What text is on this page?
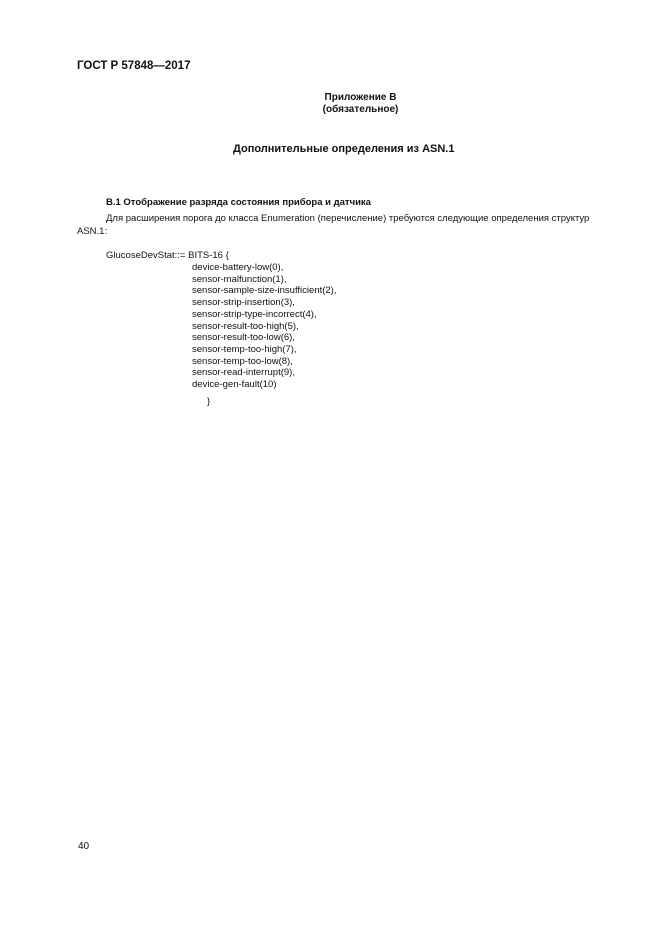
ГОСТ Р 57848—2017
Приложение В
(обязательное)
Дополнительные определения из ASN.1
В.1 Отображение разряда состояния прибора и датчика
Для расширения порога до класса Enumeration (перечисление) требуются следующие определения структур
ASN.1:
GlucoseDevStat::= BITS-16 {
device-battery-low(0),
sensor-malfunction(1),
sensor-sample-size-insufficient(2),
sensor-strip-insertion(3),
sensor-strip-type-incorrect(4),
sensor-result-too-high(5),
sensor-result-too-low(6),
sensor-temp-too-high(7),
sensor-temp-too-low(8),
sensor-read-interrupt(9),
device-gen-fault(10)
}
40
